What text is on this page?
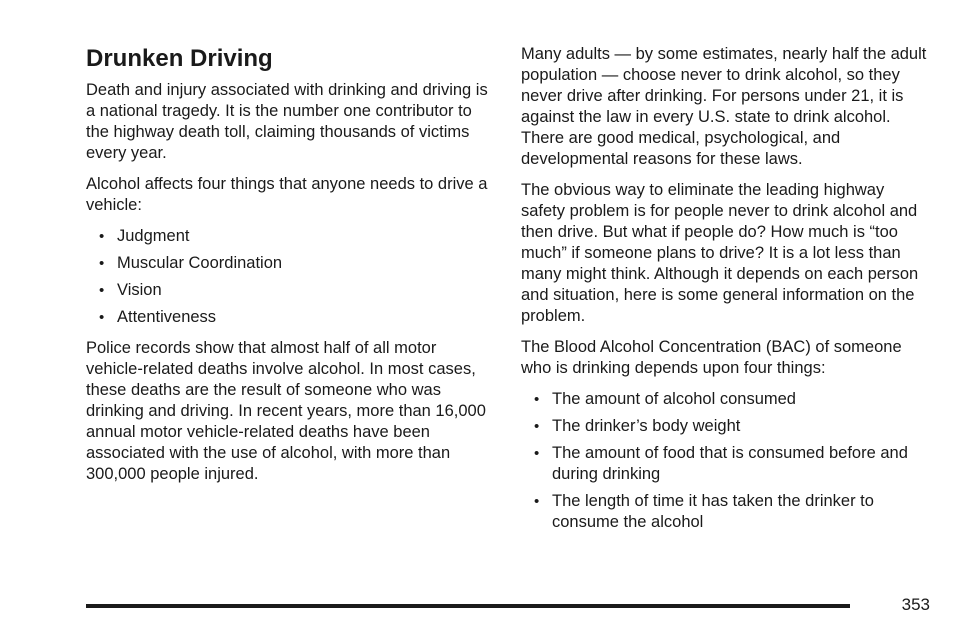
Drunken Driving

Death and injury associated with drinking and driving is a national tragedy. It is the number one contributor to the highway death toll, claiming thousands of victims every year.

Alcohol affects four things that anyone needs to drive a vehicle:

• Judgment
• Muscular Coordination
• Vision
• Attentiveness

Police records show that almost half of all motor vehicle-related deaths involve alcohol. In most cases, these deaths are the result of someone who was drinking and driving. In recent years, more than 16,000 annual motor vehicle-related deaths have been associated with the use of alcohol, with more than 300,000 people injured.

Many adults — by some estimates, nearly half the adult population — choose never to drink alcohol, so they never drive after drinking. For persons under 21, it is against the law in every U.S. state to drink alcohol. There are good medical, psychological, and developmental reasons for these laws.

The obvious way to eliminate the leading highway safety problem is for people never to drink alcohol and then drive. But what if people do? How much is “too much” if someone plans to drive? It is a lot less than many might think. Although it depends on each person and situation, here is some general information on the problem.

The Blood Alcohol Concentration (BAC) of someone who is drinking depends upon four things:

• The amount of alcohol consumed
• The drinker’s body weight
• The amount of food that is consumed before and during drinking
• The length of time it has taken the drinker to consume the alcohol
353
